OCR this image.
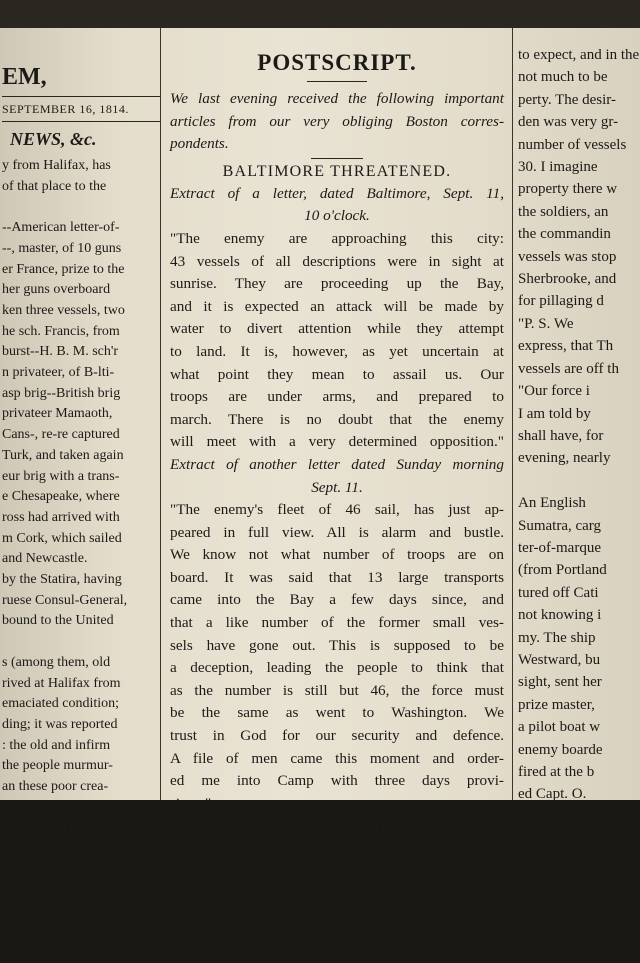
EM,
SEPTEMBER 16, 1814.
NEWS, &c.
y from Halifax, has
of that place to the

--American letter-of-
--, master, of 10 guns
er France, prize to the
her guns overboard
ken three vessels, two
he sch. Francis, from
burst--H. B. M. sch'r
n privateer, of B-lti-
asp brig--British brig
privateer Mamaoth,
Cans-, re-re captured
Turk, and taken again
eur brig with a trans-
e Chesapeake, where
ross had arrived with
m Cork, which sailed
and Newcastle.
by the Statira, having
ruese Consul-General,
bound to the United

s (among them, old
rived at Halifax from
emaciated condition;
ding; it was reported
: the old and infirm
the people murmur-
an these poor crea-

re daily, exchanging

not arrived.
Halifax by land from

egiments, and a rifle
an Waldro, were all
POSTSCRIPT.
We last evening received the following important
articles from our very obliging Boston corres-
pondents.
BALTIMORE THREATENED.
Extract of a letter, dated Baltimore, Sept. 11,
10 o'clock.
"The enemy are approaching this city:
43 vessels of all descriptions were in sight at
sunrise. They are proceeding up the Bay,
and it is expected an attack will be made by
water to divert attention while they attempt
to land. It is, however, as yet uncertain at
what point they mean to assail us. Our
troops are under arms, and prepared to
march. There is no doubt that the enemy
will meet with a very determined opposition."
Extract of another letter dated Sunday morning
Sept. 11.
"The enemy's fleet of 46 sail, has just ap-
peared in full view. All is alarm and bustle.
We know not what number of troops are on
board. It was said that 13 large transports
came into the Bay a few days since, and
that a like number of the former small ves-
sels have gone out. This is supposed to be
a deception, leading the people to think that
as the number is still but 46, the force must
be the same as went to Washington. We
trust in God for our security and defence.
A file of men came this moment and order-
ed me into Camp with three days provi-
sions."
The following is an extract of another let-
ter from Baltimore dated Sunday noon last :
--"The British fleet has passed our river to
the Point, [14 miles from Balt.] where they
to expect, and in the
not much to be
perty. The desir-
den was very gr-
number of vessels
30. I imagine
property there w
the soldiers, an
the commandin
vessels was stop
Sherbrooke, and
for pillaging d
"P. S. We
express, that Th
vessels are off th
"Our force i
I am told by
shall have, for
evening, nearly

An English
Sumatra, carg
ter-of-marque
(from Portland
tured off Cati
not knowing i
my. The ship
Westward, bu
sight, sent her
prize master,
a pilot boat w
enemy boarde
fired at the b
ed Capt. O.
rived at Port

We have a
which contain
that 40 or 50
near Mackin
